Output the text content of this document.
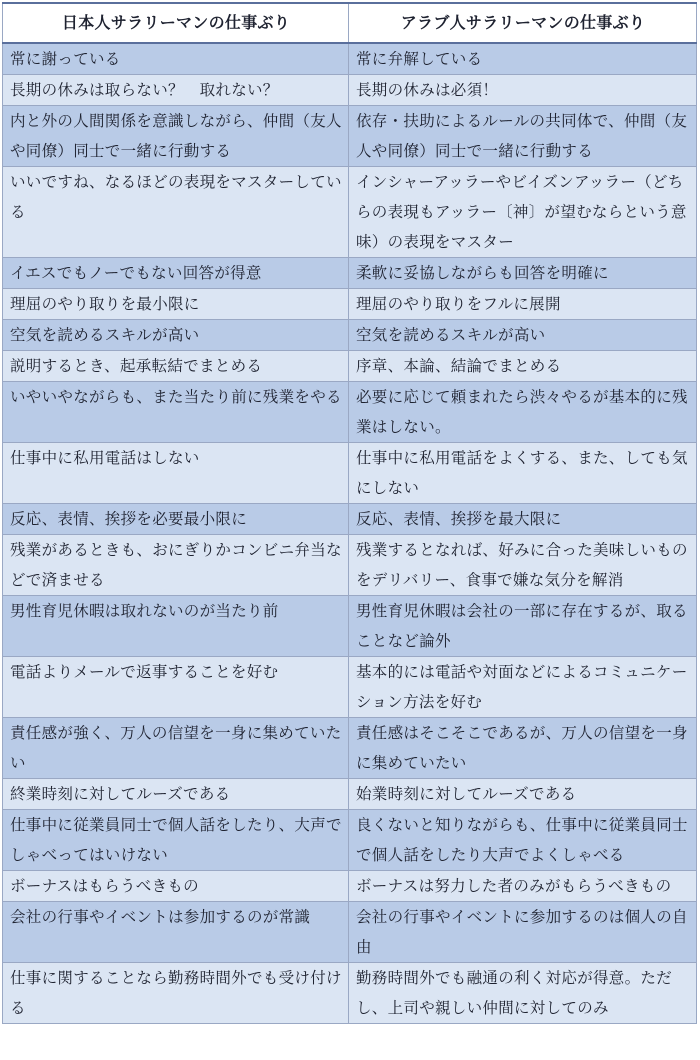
日本人サラリーマンの仕事ぶり	アラブ人サラリーマンの仕事ぶり
常に謝っている	常に弁解している
長期の休みは取らない？　取れない？	長期の休みは必須！
内と外の人間関係を意識しながら、仲間（友人や同僚）同士で一緒に行動する	依存・扶助によるルールの共同体で、仲間（友人や同僚）同士で一緒に行動する
いいですね、なるほどの表現をマスターしている	インシャーアッラーやビイズンアッラー（どちらの表現もアッラー〔神〕が望むならという意味）の表現をマスター
イエスでもノーでもない回答が得意	柔軟に妥協しながらも回答を明確に
理屈のやり取りを最小限に	理屈のやり取りをフルに展開
空気を読めるスキルが高い	空気を読めるスキルが高い
説明するとき、起承転結でまとめる	序章、本論、結論でまとめる
いやいやながらも、また当たり前に残業をやる	必要に応じて頼まれたら渋々やるが基本的に残業はしない。
仕事中に私用電話はしない	仕事中に私用電話をよくする、また、しても気にしない
反応、表情、挨拶を必要最小限に	反応、表情、挨拶を最大限に
残業があるときも、おにぎりかコンビニ弁当などで済ませる	残業するとなれば、好みに合った美味しいものをデリバリー、食事で嫌な気分を解消
男性育児休暇は取れないのが当たり前	男性育児休暇は会社の一部に存在するが、取ることなど論外
電話よりメールで返事することを好む	基本的には電話や対面などによるコミュニケーション方法を好む
責任感が強く、万人の信望を一身に集めていたい	責任感はそこそこであるが、万人の信望を一身に集めていたい
終業時刻に対してルーズである	始業時刻に対してルーズである
仕事中に従業員同士で個人話をしたり、大声でしゃべってはいけない	良くないと知りながらも、仕事中に従業員同士で個人話をしたり大声でよくしゃべる
ボーナスはもらうべきもの	ボーナスは努力した者のみがもらうべきもの
会社の行事やイベントは参加するのが常識	会社の行事やイベントに参加するのは個人の自由
仕事に関することなら勤務時間外でも受け付ける	勤務時間外でも融通の利く対応が得意。ただし、上司や親しい仲間に対してのみ
